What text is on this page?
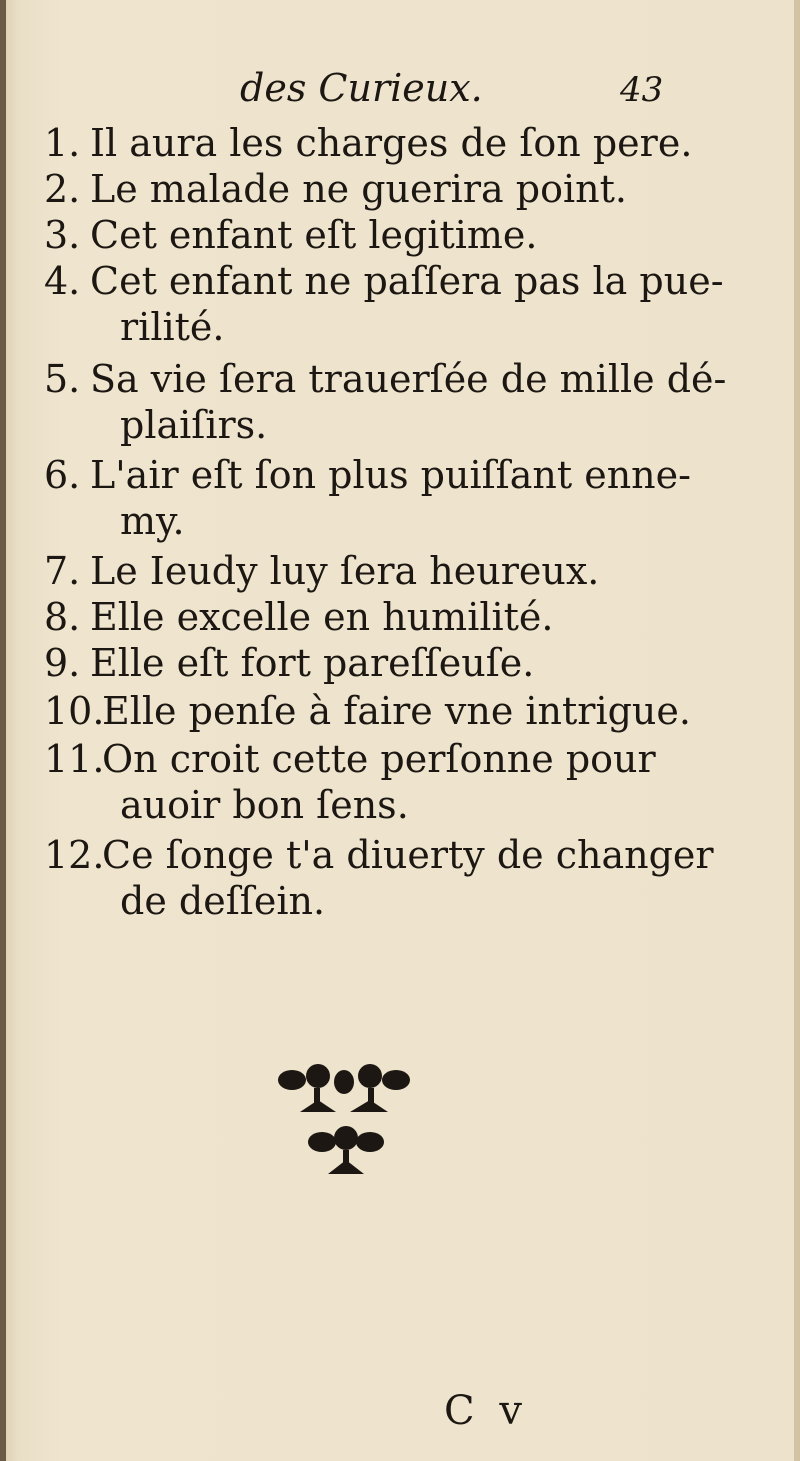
des Curieux.	43
1. Il aura les charges de ſon pere.
2. Le malade ne guerira point.
3. Cet enfant eſt legitime.
4. Cet enfant ne paſſera pas la pue-
rilité.
5. Sa vie ſera trauerſée de mille dé-
plaiſirs.
6. L'air eſt ſon plus puiſſant enne-
my.
7. Le Ieudy luy ſera heureux.
8. Elle excelle en humilité.
9. Elle eſt fort pareſſeuſe.
10.Elle penſe à faire vne intrigue.
11.On croit cette perſonne pour
auoir bon ſens.
12.Ce ſonge t'a diuerty de changer
de deſſein.
C v
